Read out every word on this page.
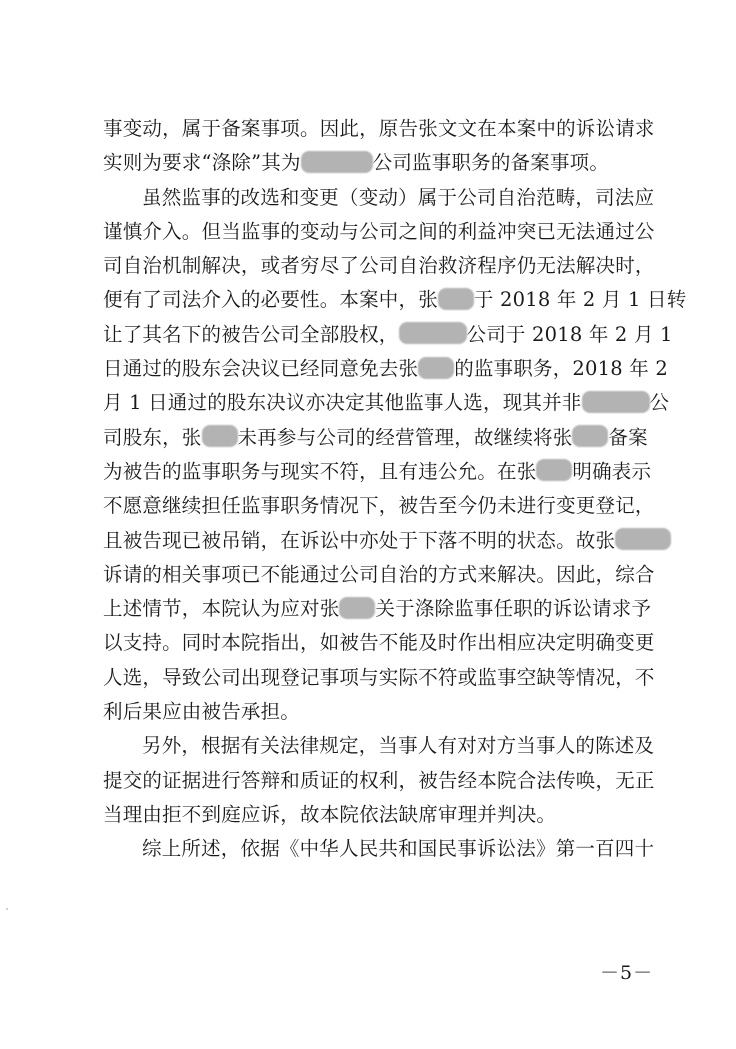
事变动，属于备案事项。因此，原告张文文在本案中的诉讼请求
实则为要求“涤除”其为	公司监事职务的备案事项。
虽然监事的改选和变更（变动）属于公司自治范畴，司法应
谨慎介入。但当监事的变动与公司之间的利益冲突已无法通过公
司自治机制解决，或者穷尽了公司自治救济程序仍无法解决时，
便有了司法介入的必要性。本案中，张 于 2018 年 2 月 1 日转
让了其名下的被告公司全部股权，	公司于 2018 年 2 月 1
日通过的股东会决议已经同意免去张 的监事职务，2018 年 2
月 1 日通过的股东决议亦决定其他监事人选，现其并非	公
司股东，张 未再参与公司的经营管理，故继续将张 备案
为被告的监事职务与现实不符，且有违公允。在张 明确表示
不愿意继续担任监事职务情况下，被告至今仍未进行变更登记，
且被告现已被吊销，在诉讼中亦处于下落不明的状态。故张
诉请的相关事项已不能通过公司自治的方式来解决。因此，综合
上述情节，本院认为应对张 关于涤除监事任职的诉讼请求予
以支持。同时本院指出，如被告不能及时作出相应决定明确变更
人选，导致公司出现登记事项与实际不符或监事空缺等情况，不
利后果应由被告承担。
另外，根据有关法律规定，当事人有对对方当事人的陈述及
提交的证据进行答辩和质证的权利，被告经本院合法传唤，无正
当理由拒不到庭应诉，故本院依法缺席审理并判决。
综上所述，依据《中华人民共和国民事诉讼法》第一百四十
－5－
